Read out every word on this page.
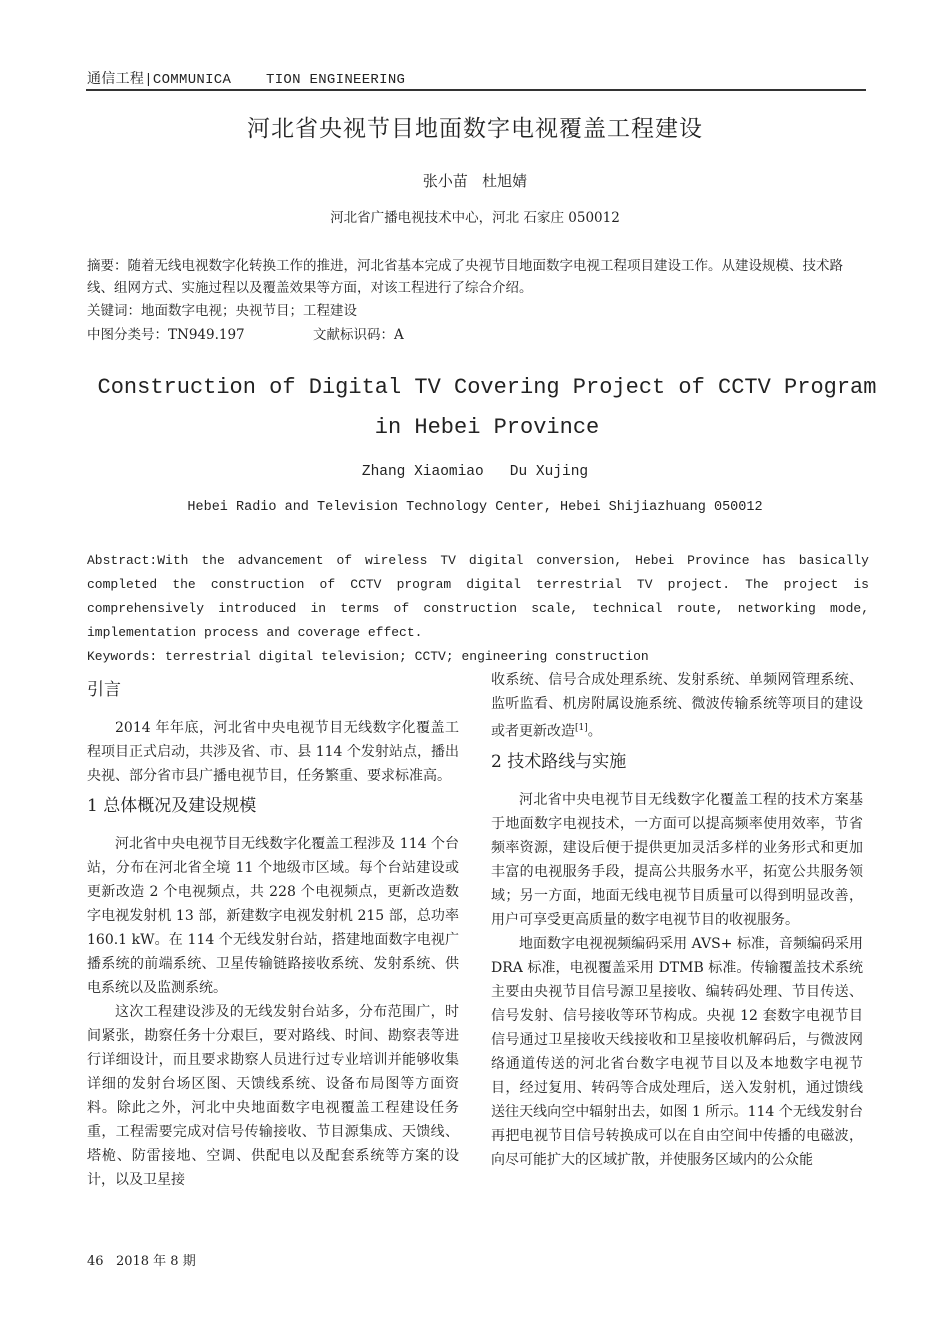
通信工程|COMMUNICA    TION ENGINEERING
河北省央视节目地面数字电视覆盖工程建设
张小苗   杜旭婧
河北省广播电视技术中心，河北 石家庄 050012
摘要：随着无线电视数字化转换工作的推进，河北省基本完成了央视节目地面数字电视工程项目建设工作。从建设规模、技术路线、组网方式、实施过程以及覆盖效果等方面，对该工程进行了综合介绍。
关键词：地面数字电视；央视节目；工程建设
中图分类号：TN949.197	文献标识码：A
Construction of Digital TV Covering Project of CCTV Program in Hebei Province
Zhang Xiaomiao   Du Xujing
Hebei Radio and Television Technology Center, Hebei Shijiazhuang 050012
Abstract:With the advancement of wireless TV digital conversion, Hebei Province has basically completed the construction of CCTV program digital terrestrial TV project. The project is comprehensively introduced in terms of construction scale, technical route, networking mode, implementation process and coverage effect.
Keywords: terrestrial digital television; CCTV; engineering construction
引言

2014 年年底，河北省中央电视节目无线数字化覆盖工程项目正式启动，共涉及省、市、县 114 个发射站点，播出央视、部分省市县广播电视节目，任务繁重、要求标准高。

1 总体概况及建设规模

河北省中央电视节目无线数字化覆盖工程涉及 114 个台站，分布在河北省全境 11 个地级市区域。每个台站建设或更新改造 2 个电视频点，共 228 个电视频点，更新改造数字电视发射机 13 部，新建数字电视发射机 215 部，总功率 160.1 kW。在 114 个无线发射台站，搭建地面数字电视广播系统的前端系统、卫星传输链路接收系统、发射系统、供电系统以及监测系统。

这次工程建设涉及的无线发射台站多，分布范围广，时间紧张，勘察任务十分艰巨，要对路线、时间、勘察表等进行详细设计，而且要求勘察人员进行过专业培训并能够收集详细的发射台场区图、天馈线系统、设备布局图等方面资料。除此之外，河北中央地面数字电视覆盖工程建设任务重，工程需要完成对信号传输接收、节目源集成、天馈线、塔桅、防雷接地、空调、供配电以及配套系统等方案的设计，以及卫星接

收系统、信号合成处理系统、发射系统、单频网管理系统、监听监看、机房附属设施系统、微波传输系统等项目的建设或者更新改造[1]。

2 技术路线与实施

河北省中央电视节目无线数字化覆盖工程的技术方案基于地面数字电视技术，一方面可以提高频率使用效率，节省频率资源，建设后便于提供更加灵活多样的业务形式和更加丰富的电视服务手段，提高公共服务水平，拓宽公共服务领域；另一方面，地面无线电视节目质量可以得到明显改善，用户可享受更高质量的数字电视节目的收视服务。

地面数字电视视频编码采用 AVS+ 标准，音频编码采用 DRA 标准，电视覆盖采用 DTMB 标准。传输覆盖技术系统主要由央视节目信号源卫星接收、编转码处理、节目传送、信号发射、信号接收等环节构成。央视 12 套数字电视节目信号通过卫星接收天线接收和卫星接收机解码后，与微波网络通道传送的河北省台数字电视节目以及本地数字电视节目，经过复用、转码等合成处理后，送入发射机，通过馈线送往天线向空中辐射出去，如图 1 所示。114 个无线发射台再把电视节目信号转换成可以在自由空间中传播的电磁波，向尽可能扩大的区域扩散，并使服务区域内的公众能

46   2018 年 8 期
